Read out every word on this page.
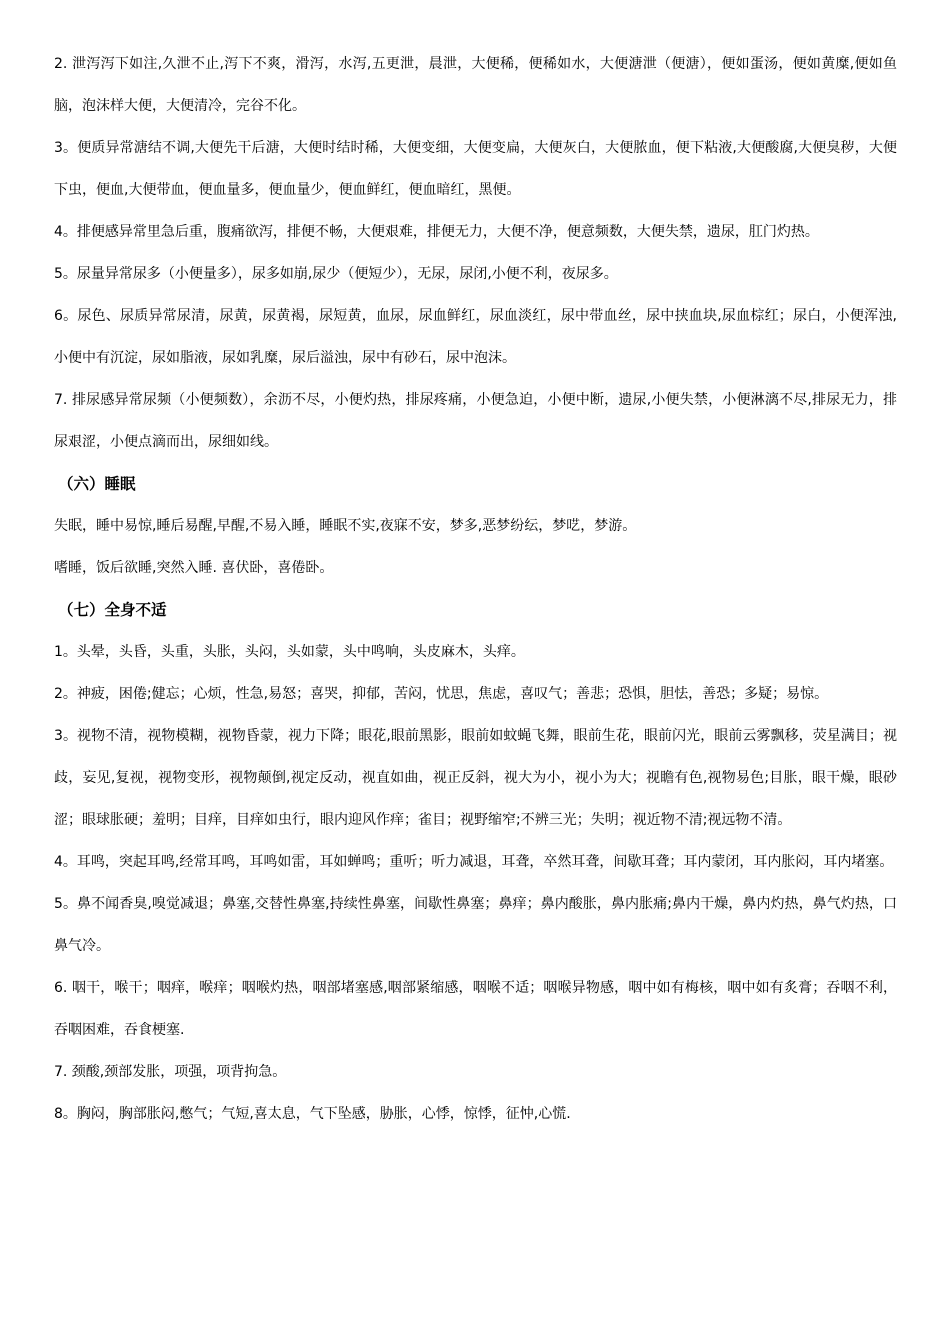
2. 泄泻泻下如注,久泄不止,泻下不爽，滑泻，水泻,五更泄，晨泄，大便稀，便稀如水，大便溏泄（便溏），便如蛋汤，便如黄糜,便如鱼脑，泡沫样大便，大便清冷，完谷不化。

3。便质异常溏结不调,大便先干后溏，大便时结时稀，大便变细，大便变扁，大便灰白，大便脓血，便下粘液,大便酸腐,大便臭秽，大便下虫，便血,大便带血，便血量多，便血量少，便血鲜红，便血暗红，黑便。

4。排便感异常里急后重，腹痛欲泻，排便不畅，大便艰难，排便无力，大便不净，便意频数，大便失禁，遗尿，肛门灼热。

5。尿量异常尿多（小便量多），尿多如崩,尿少（便短少），无尿，尿闭,小便不利，夜尿多。

6。尿色、尿质异常尿清，尿黄，尿黄褐，尿短黄，血尿，尿血鲜红，尿血淡红，尿中带血丝，尿中挟血块,尿血棕红；尿白，小便浑浊,小便中有沉淀，尿如脂液，尿如乳糜，尿后溢浊，尿中有砂石，尿中泡沫。

7. 排尿感异常尿频（小便频数），余沥不尽，小便灼热，排尿疼痛，小便急迫，小便中断，遗尿,小便失禁，小便淋漓不尽,排尿无力，排尿艰涩，小便点滴而出，尿细如线。

（六）睡眠

失眠，睡中易惊,睡后易醒,早醒,不易入睡，睡眠不实,夜寐不安，梦多,恶梦纷纭，梦呓，梦游。

嗜睡，饭后欲睡,突然入睡. 喜伏卧，喜倦卧。

（七）全身不适

1。头晕，头昏，头重，头胀，头闷，头如蒙，头中鸣响，头皮麻木，头痒。

2。神疲，困倦;健忘；心烦，性急,易怒；喜哭，抑郁，苦闷，忧思，焦虑，喜叹气；善悲；恐惧，胆怯，善恐；多疑；易惊。

3。视物不清，视物模糊，视物昏蒙，视力下降；眼花,眼前黑影，眼前如蚊蝇飞舞，眼前生花，眼前闪光，眼前云雾飘移，荧星满目；视歧，妄见,复视，视物变形，视物颠倒,视定反动，视直如曲，视正反斜，视大为小，视小为大；视瞻有色,视物易色;目胀，眼干燥，眼砂涩；眼球胀硬；羞明；目痒，目痒如虫行，眼内迎风作痒；雀目；视野缩窄;不辨三光；失明；视近物不清;视远物不清。

4。耳鸣，突起耳鸣,经常耳鸣，耳鸣如雷，耳如蝉鸣；重听；听力减退，耳聋，卒然耳聋，间歇耳聋；耳内蒙闭，耳内胀闷，耳内堵塞。

5。鼻不闻香臭,嗅觉减退；鼻塞,交替性鼻塞,持续性鼻塞，间歇性鼻塞；鼻痒；鼻内酸胀，鼻内胀痛;鼻内干燥，鼻内灼热，鼻气灼热，口鼻气冷。

6. 咽干，喉干；咽痒，喉痒；咽喉灼热，咽部堵塞感,咽部紧缩感，咽喉不适；咽喉异物感，咽中如有梅核，咽中如有炙膏；吞咽不利，吞咽困难，吞食梗塞.

7. 颈酸,颈部发胀，项强，项背拘急。

8。胸闷，胸部胀闷,憋气；气短,喜太息，气下坠感，胁胀，心悸，惊悸，征忡,心慌.
